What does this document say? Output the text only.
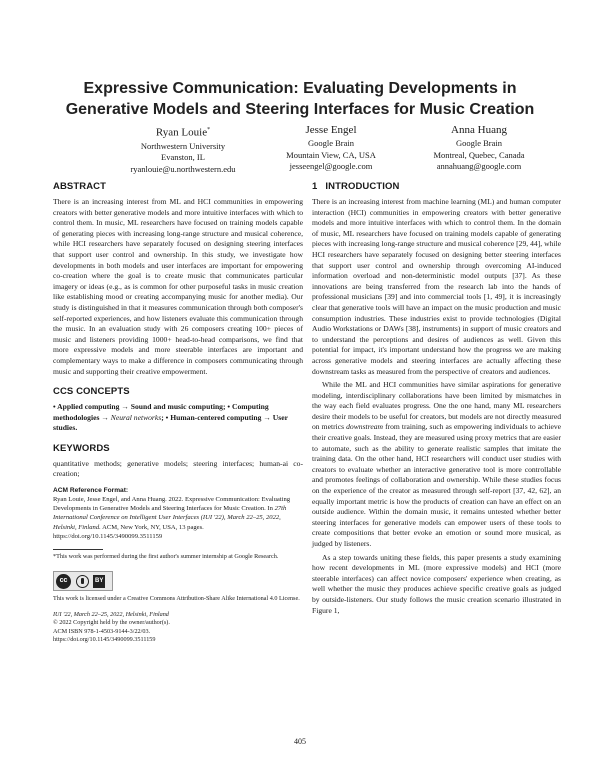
Expressive Communication: Evaluating Developments in
Generative Models and Steering Interfaces for Music Creation
Ryan Louie*
Northwestern University
Evanston, IL
ryanlouie@u.northwestern.edu
Jesse Engel
Google Brain
Mountain View, CA, USA
jesseengel@google.com
Anna Huang
Google Brain
Montreal, Quebec, Canada
annahuang@google.com
ABSTRACT

There is an increasing interest from ML and HCI communities in empowering creators with better generative models and more intuitive interfaces with which to control them. In music, ML researchers have focused on training models capable of generating pieces with increasing long-range structure and musical coherence, while HCI researchers have separately focused on designing steering interfaces that support user control and ownership. In this study, we investigate how developments in both models and user interfaces are important for empowering co-creation where the goal is to create music that communicates particular imagery or ideas (e.g., as is common for other purposeful tasks in music creation like establishing mood or creating accompanying music for another media). Our study is distinguished in that it measures communication through both composer's self-reported experiences, and how listeners evaluate this communication through the music. In an evaluation study with 26 composers creating 100+ pieces of music and listeners providing 1000+ head-to-head comparisons, we find that more expressive models and more steerable interfaces are important and complementary ways to make a difference in composers communicating through music and supporting their creative empowerment.

CCS CONCEPTS

• Applied computing → Sound and music computing; • Computing methodologies → Neural networks; • Human-centered computing → User studies.

KEYWORDS

quantitative methods; generative models; steering interfaces; human-ai co-creation;

ACM Reference Format:

Ryan Louie, Jesse Engel, and Anna Huang. 2022. Expressive Communication: Evaluating Developments in Generative Models and Steering Interfaces for Music Creation. In 27th International Conference on Intelligent User Interfaces (IUI '22), March 22–25, 2022, Helsinki, Finland. ACM, New York, NY, USA, 13 pages. https://doi.org/10.1145/3490099.3511159

*This work was performed during the first author's summer internship at Google Research.

cc	BY

This work is licensed under a Creative Commons Attribution-Share Alike International 4.0 License.

IUI '22, March 22–25, 2022, Helsinki, Finland
© 2022 Copyright held by the owner/author(s).
ACM ISBN 978-1-4503-9144-3/22/03.
https://doi.org/10.1145/3490099.3511159
1 INTRODUCTION

There is an increasing interest from machine learning (ML) and human computer interaction (HCI) communities in empowering creators with better generative models and more intuitive interfaces with which to control them. In the domain of music, ML researchers have focused on training models capable of generating pieces with increasing long-range structure and musical coherence [29, 44], while HCI researchers have separately focused on designing better steering interfaces that support user control and ownership through overcoming AI-induced information overload and non-deterministic model outputs [37]. As these innovations are being transferred from the research lab into the hands of professional musicians [39] and into commercial tools [1, 49], it is increasingly clear that generative tools will have an impact on the music production and music consumption industries. These industries exist to provide technologies (Digital Audio Workstations or DAWs [38], instruments) in support of music creators and to understand the perceptions and desires of audiences as well. Given this potential for impact, it's important understand how the progress we are making across generative models and steering interfaces are actually affecting these downstream tasks as measured from the perspective of creators and audiences.

While the ML and HCI communities have similar aspirations for generative modeling, interdisciplinary collaborations have been limited by mismatches in the way each field evaluates progress. One the one hand, many ML researchers desire their models to be useful for creators, but models are not directly measured on metrics downstream from training, such as empowering individuals to achieve their creative goals. Instead, they are measured using proxy metrics that are easier to automate, such as the ability to generate realistic samples that imitate the training data. On the other hand, HCI researchers will conduct user studies with creators to evaluate whether an interactive generative tool is more controllable and promotes feelings of collaboration and ownership. While these studies focus on the experience of the creator as measured through self-report [37, 42, 62], an equally important metric is how the products of creation can have an effect on an outside audience. Within the domain music, it remains untested whether better steering interfaces for generative models can empower users of these tools to create compositions that better evoke an emotion or sound more musical, as judged by listeners.

As a step towards uniting these fields, this paper presents a study examining how recent developments in ML (more expressive models) and HCI (more steerable interfaces) can affect novice composers' experience when creating, as well whether the music they produces achieve specific creative goals as judged by outside-listeners. Our study follows the music creation scenario illustrated in Figure 1,

405
